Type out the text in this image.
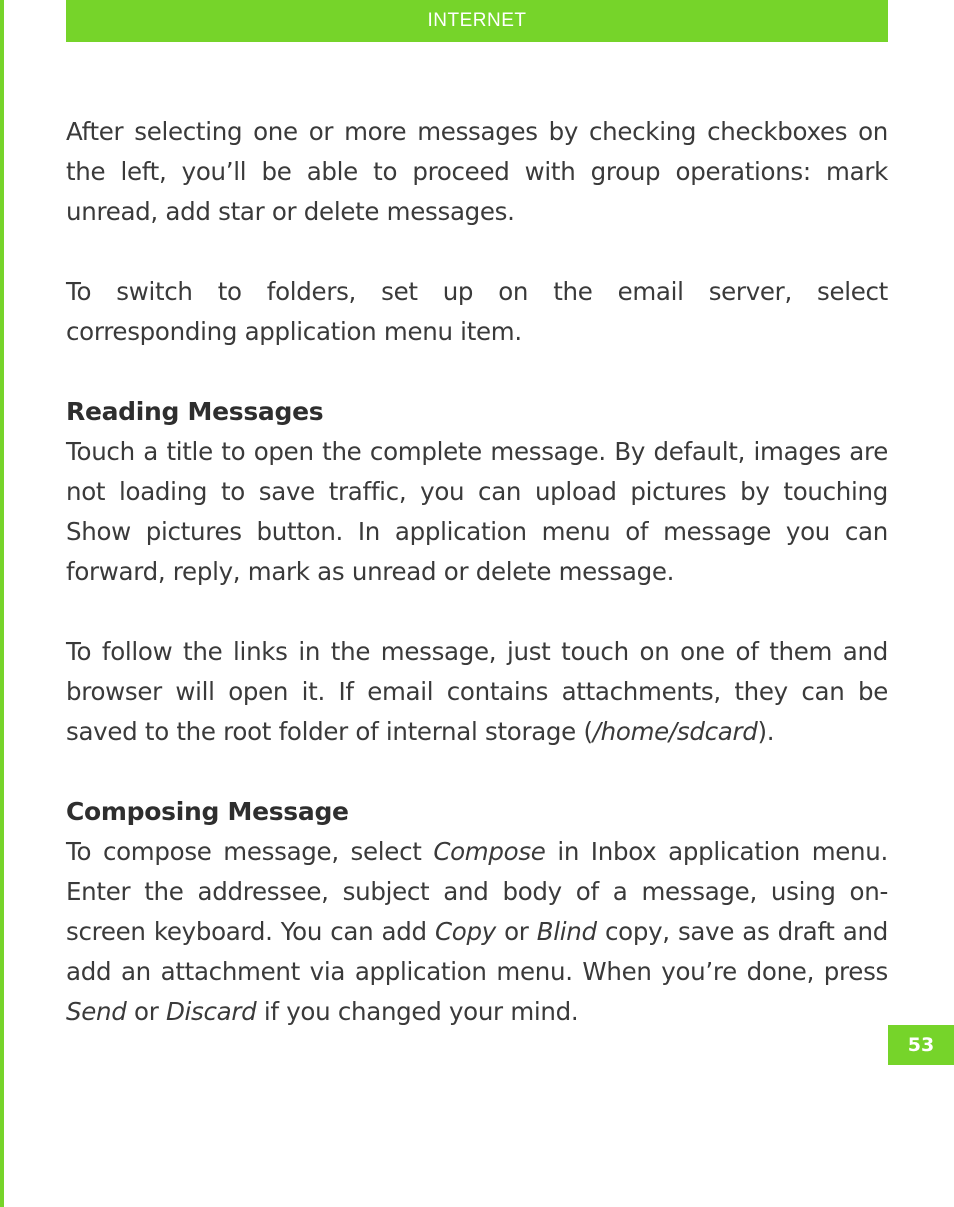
INTERNET

After selecting one or more messages by checking checkboxes on the left, you’ll be able to proceed with group operations: mark unread, add star or delete messages.

To switch to folders, set up on the email server, select corresponding application menu item.

Reading Messages

Touch a title to open the complete message. By default, images are not loading to save traffic, you can upload pictures by touching Show pictures button. In application menu of message you can forward, reply, mark as unread or delete message.

To follow the links in the message, just touch on one of them and browser will open it. If email contains attachments, they can be saved to the root folder of internal storage (/home/sdcard).

Composing Message

To compose message, select Compose in Inbox application menu. Enter the addressee, subject and body of a message, using on-screen keyboard. You can add Copy or Blind copy, save as draft and add an attachment via application menu. When you’re done, press Send or Discard if you changed your mind.

53
